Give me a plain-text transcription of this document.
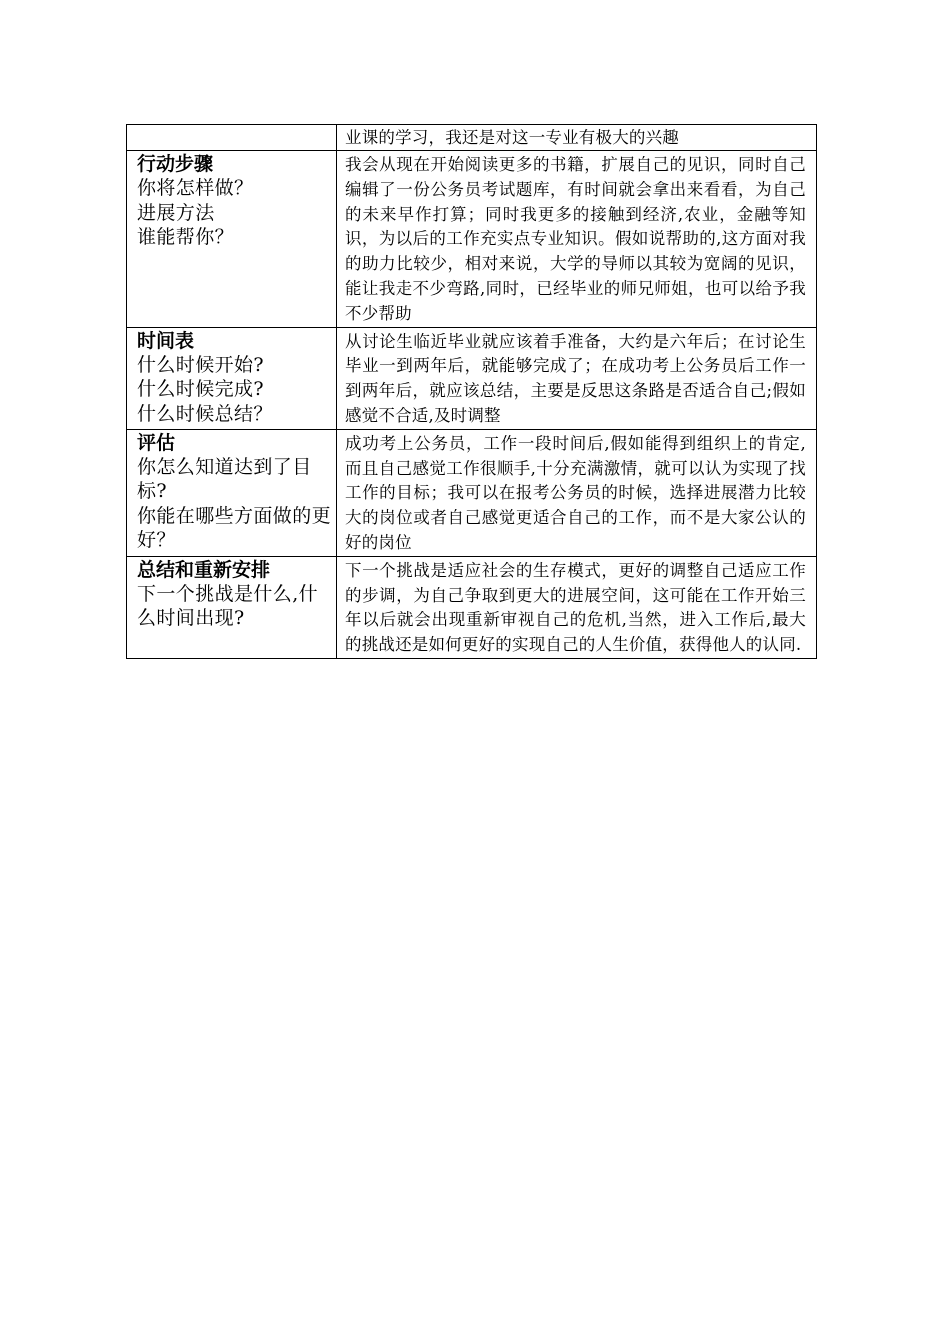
	业课的学习，我还是对这一专业有极大的兴趣

行动步骤
你将怎样做？
进展方法
谁能帮你？	我会从现在开始阅读更多的书籍，扩展自己的见识，同时自己编辑了一份公务员考试题库，有时间就会拿出来看看，为自己的未来早作打算；同时我更多的接触到经济,农业，金融等知识，为以后的工作充实点专业知识。假如说帮助的,这方面对我的助力比较少，相对来说，大学的导师以其较为宽阔的见识，能让我走不少弯路,同时，已经毕业的师兄师姐，也可以给予我不少帮助

时间表
什么时候开始?
什么时候完成?
什么时候总结？	从讨论生临近毕业就应该着手准备，大约是六年后；在讨论生毕业一到两年后，就能够完成了；在成功考上公务员后工作一到两年后，就应该总结，主要是反思这条路是否适合自己;假如感觉不合适,及时调整

评估
你怎么知道达到了目标?
你能在哪些方面做的更好？	成功考上公务员，工作一段时间后,假如能得到组织上的肯定,而且自己感觉工作很顺手,十分充满激情，就可以认为实现了找工作的目标；我可以在报考公务员的时候，选择进展潜力比较大的岗位或者自己感觉更适合自己的工作，而不是大家公认的好的岗位

总结和重新安排
下一个挑战是什么,什么时间出现?	下一个挑战是适应社会的生存模式，更好的调整自己适应工作的步调，为自己争取到更大的进展空间，这可能在工作开始三年以后就会出现重新审视自己的危机,当然，进入工作后,最大的挑战还是如何更好的实现自己的人生价值，获得他人的认同.
